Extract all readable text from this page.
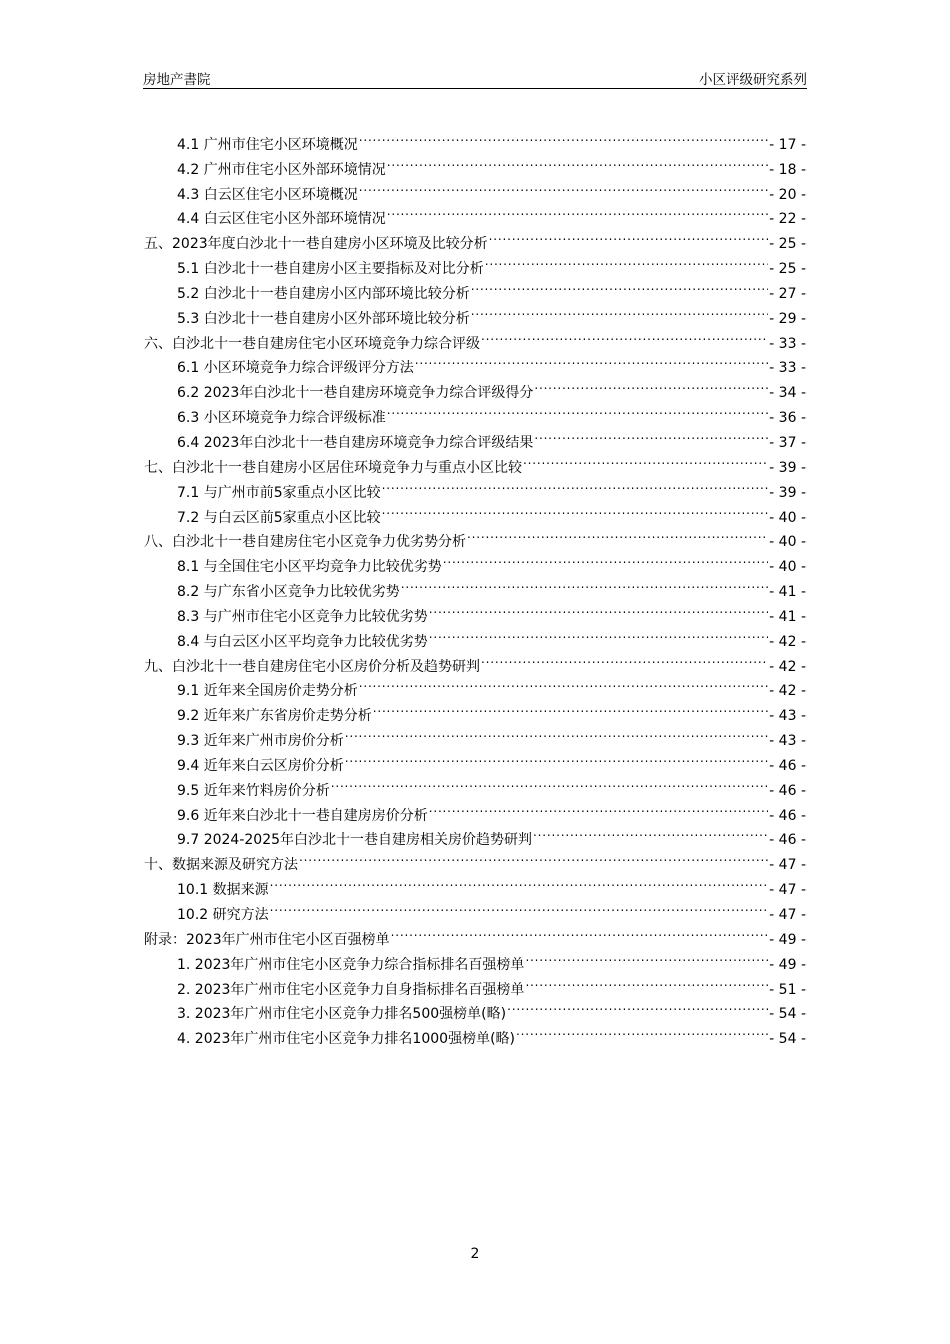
房地产書院	小区评级研究系列
4.1 广州市住宅小区环境概况 .....	- 17 -
4.2 广州市住宅小区外部环境情况 .....	- 18 -
4.3 白云区住宅小区环境概况 .....	- 20 -
4.4 白云区住宅小区外部环境情况 .....	- 22 -
五、2023年度白沙北十一巷自建房小区环境及比较分析 .....	- 25 -
5.1 白沙北十一巷自建房小区主要指标及对比分析 .....	- 25 -
5.2 白沙北十一巷自建房小区内部环境比较分析 .....	- 27 -
5.3 白沙北十一巷自建房小区外部环境比较分析 .....	- 29 -
六、白沙北十一巷自建房住宅小区环境竞争力综合评级 .....	- 33 -
6.1 小区环境竞争力综合评级评分方法 .....	- 33 -
6.2 2023年白沙北十一巷自建房环境竞争力综合评级得分 .....	- 34 -
6.3 小区环境竞争力综合评级标准 .....	- 36 -
6.4 2023年白沙北十一巷自建房环境竞争力综合评级结果 .....	- 37 -
七、白沙北十一巷自建房小区居住环境竞争力与重点小区比较 .....	- 39 -
7.1 与广州市前5家重点小区比较 .....	- 39 -
7.2 与白云区前5家重点小区比较 .....	- 40 -
八、白沙北十一巷自建房住宅小区竞争力优劣势分析 .....	- 40 -
8.1 与全国住宅小区平均竞争力比较优劣势 .....	- 40 -
8.2 与广东省小区竞争力比较优劣势 .....	- 41 -
8.3 与广州市住宅小区竞争力比较优劣势 .....	- 41 -
8.4 与白云区小区平均竞争力比较优劣势 .....	- 42 -
九、白沙北十一巷自建房住宅小区房价分析及趋势研判 .....	- 42 -
9.1 近年来全国房价走势分析 .....	- 42 -
9.2 近年来广东省房价走势分析 .....	- 43 -
9.3 近年来广州市房价分析 .....	- 43 -
9.4 近年来白云区房价分析 .....	- 46 -
9.5 近年来竹料房价分析 .....	- 46 -
9.6 近年来白沙北十一巷自建房房价分析 .....	- 46 -
9.7 2024-2025年白沙北十一巷自建房相关房价趋势研判 .....	- 46 -
十、数据来源及研究方法 .....	- 47 -
10.1 数据来源 .....	- 47 -
10.2 研究方法 .....	- 47 -
附录：2023年广州市住宅小区百强榜单 .....	- 49 -
1. 2023年广州市住宅小区竞争力综合指标排名百强榜单 .....	- 49 -
2. 2023年广州市住宅小区竞争力自身指标排名百强榜单 .....	- 51 -
3. 2023年广州市住宅小区竞争力排名500强榜单(略) .....	- 54 -
4. 2023年广州市住宅小区竞争力排名1000强榜单(略) .....	- 54 -
2
